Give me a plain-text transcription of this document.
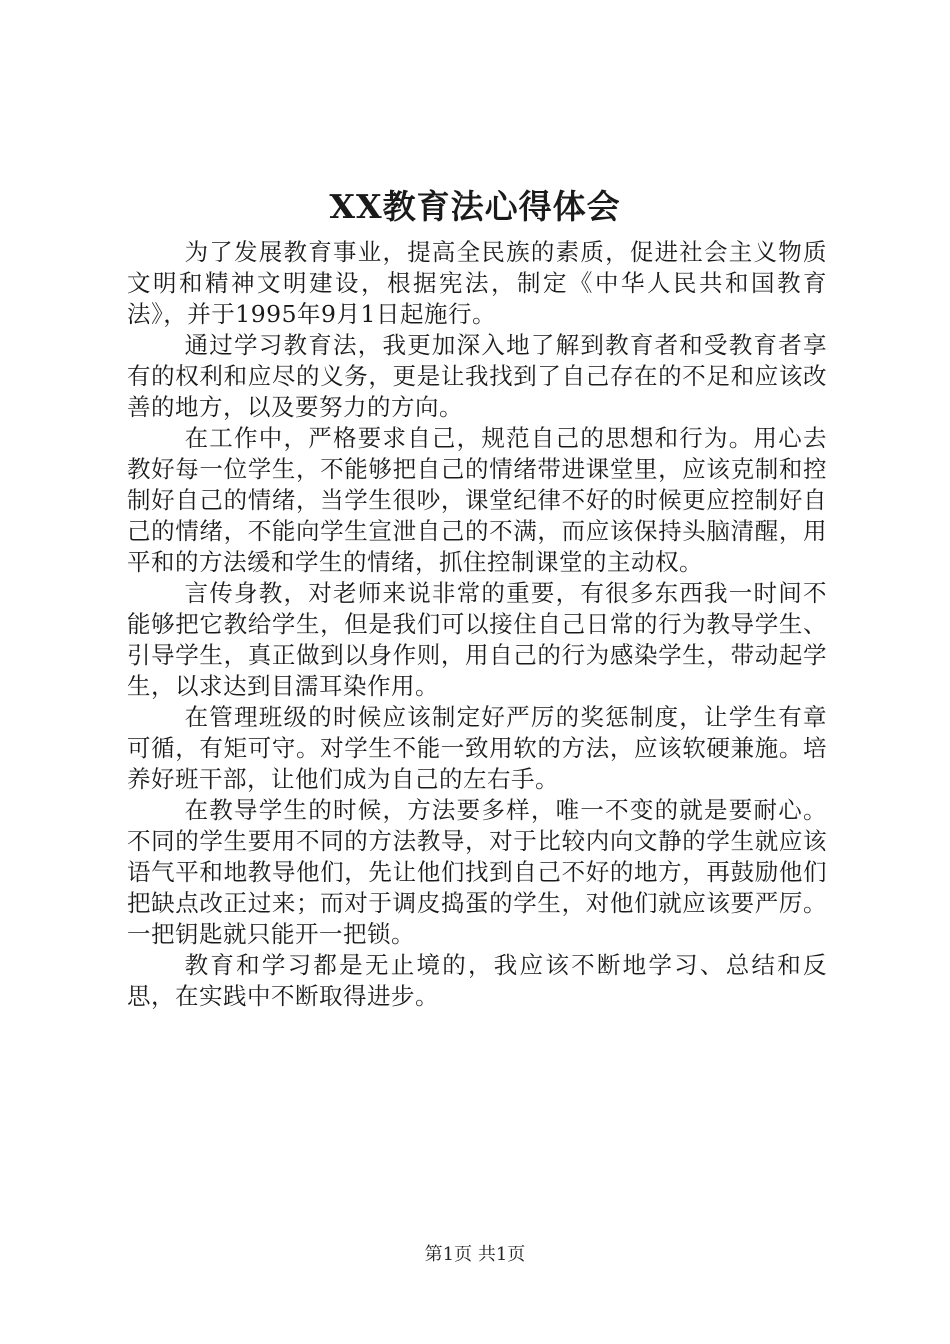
XX教育法心得体会

为了发展教育事业，提高全民族的素质，促进社会主义物质文明和精神文明建设，根据宪法，制定《中华人民共和国教育法》，并于1995年9月1日起施行。

通过学习教育法，我更加深入地了解到教育者和受教育者享有的权利和应尽的义务，更是让我找到了自己存在的不足和应该改善的地方，以及要努力的方向。

在工作中，严格要求自己，规范自己的思想和行为。用心去教好每一位学生，不能够把自己的情绪带进课堂里，应该克制和控制好自己的情绪，当学生很吵，课堂纪律不好的时候更应控制好自己的情绪，不能向学生宣泄自己的不满，而应该保持头脑清醒，用平和的方法缓和学生的情绪，抓住控制课堂的主动权。

言传身教，对老师来说非常的重要，有很多东西我一时间不能够把它教给学生，但是我们可以接住自己日常的行为教导学生、引导学生，真正做到以身作则，用自己的行为感染学生，带动起学生，以求达到目濡耳染作用。

在管理班级的时候应该制定好严厉的奖惩制度，让学生有章可循，有矩可守。对学生不能一致用软的方法，应该软硬兼施。培养好班干部，让他们成为自己的左右手。

在教导学生的时候，方法要多样，唯一不变的就是要耐心。不同的学生要用不同的方法教导，对于比较内向文静的学生就应该语气平和地教导他们，先让他们找到自己不好的地方，再鼓励他们把缺点改正过来；而对于调皮捣蛋的学生，对他们就应该要严厉。一把钥匙就只能开一把锁。

教育和学习都是无止境的，我应该不断地学习、总结和反思，在实践中不断取得进步。

第1页 共1页
